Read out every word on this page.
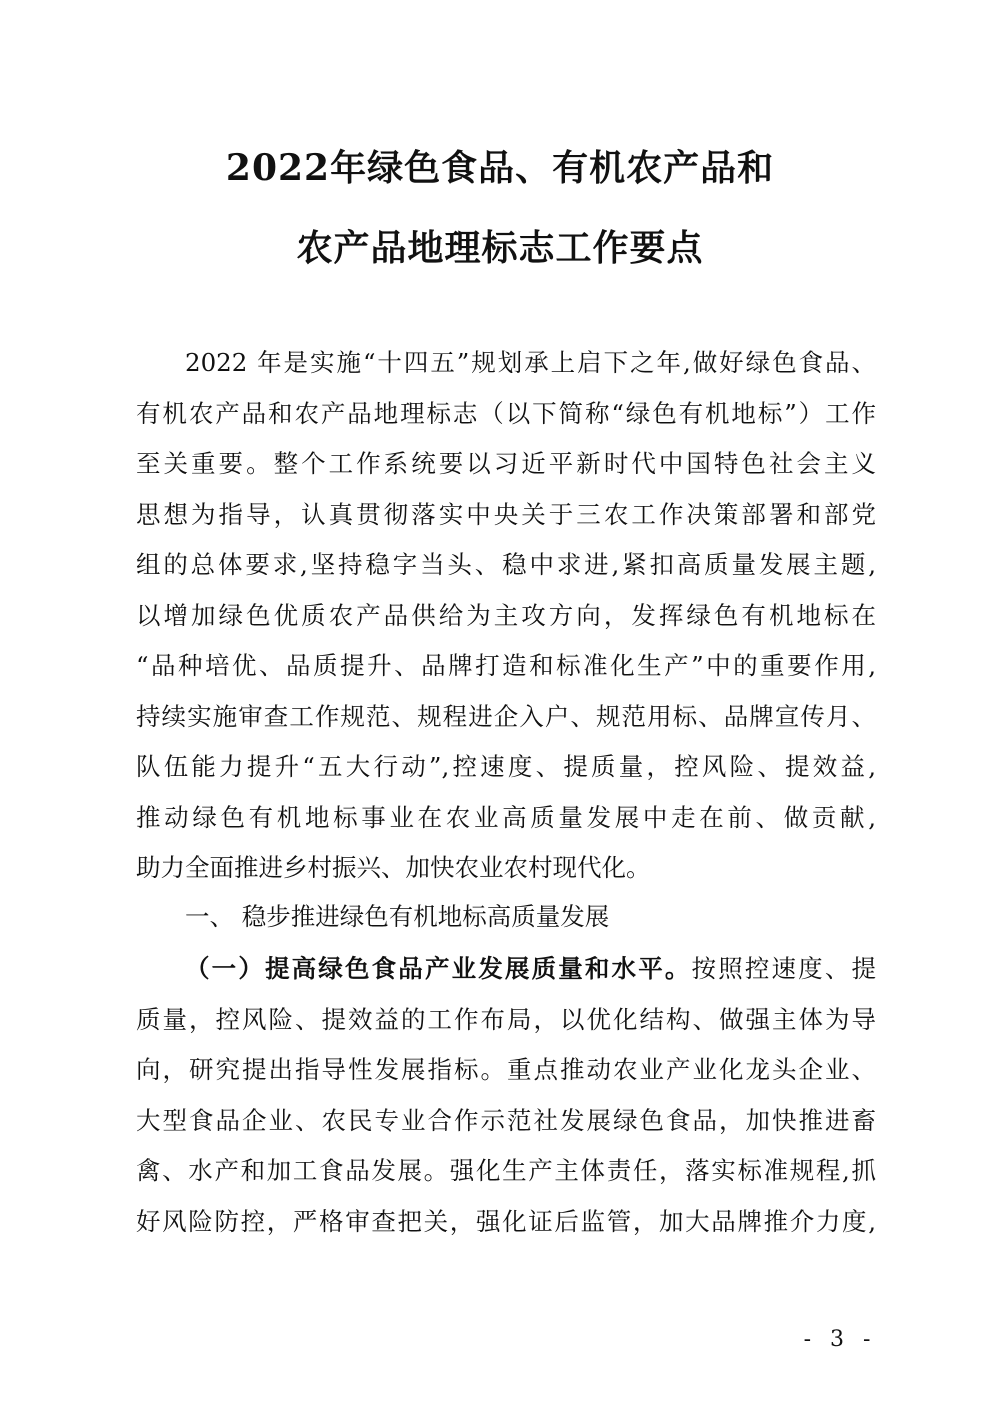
2022年绿色食品、有机农产品和
农产品地理标志工作要点
2022 年是实施“十四五”规划承上启下之年,做好绿色食品、
有机农产品和农产品地理标志（以下简称“绿色有机地标”）工作
至关重要。整个工作系统要以习近平新时代中国特色社会主义
思想为指导，认真贯彻落实中央关于三农工作决策部署和部党
组的总体要求,坚持稳字当头、稳中求进,紧扣高质量发展主题,
以增加绿色优质农产品供给为主攻方向，发挥绿色有机地标在
“品种培优、品质提升、品牌打造和标准化生产”中的重要作用,
持续实施审查工作规范、规程进企入户、规范用标、品牌宣传月、
队伍能力提升“五大行动”,控速度、提质量，控风险、提效益,
推动绿色有机地标事业在农业高质量发展中走在前、做贡献,
助力全面推进乡村振兴、加快农业农村现代化。
一、 稳步推进绿色有机地标高质量发展
（一）提高绿色食品产业发展质量和水平。按照控速度、提
质量，控风险、提效益的工作布局，以优化结构、做强主体为导
向，研究提出指导性发展指标。重点推动农业产业化龙头企业、
大型食品企业、农民专业合作示范社发展绿色食品，加快推进畜
禽、水产和加工食品发展。强化生产主体责任，落实标准规程,抓
好风险防控，严格审查把关，强化证后监管，加大品牌推介力度,
- 3 -
